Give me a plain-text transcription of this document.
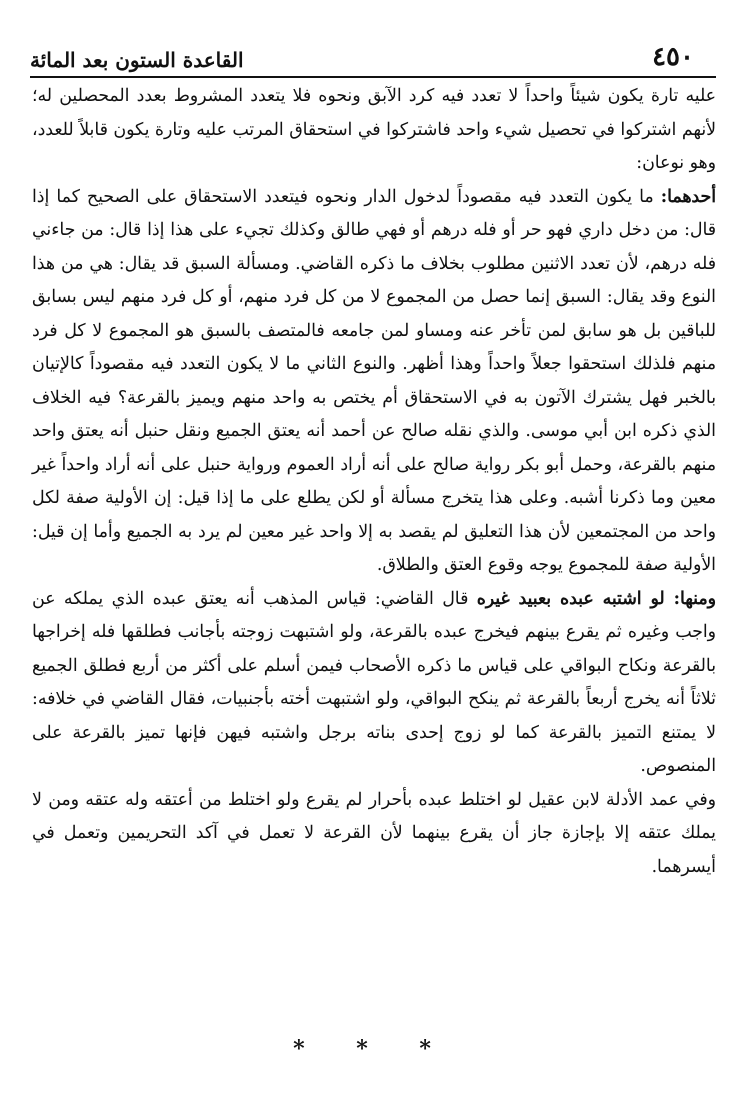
٤٥٠
القاعدة الستون بعد المائة

عليه تارة يكون شيئاً واحداً لا تعدد فيه كرد الآبق ونحوه فلا يتعدد المشروط بعدد المحصلين له؛ لأنهم اشتركوا في تحصيل شيء واحد فاشتركوا في استحقاق المرتب عليه وتارة يكون قابلاً للعدد، وهو نوعان:

أحدهما: ما يكون التعدد فيه مقصوداً لدخول الدار ونحوه فيتعدد الاستحقاق على الصحيح كما إذا قال: من دخل داري فهو حر أو فله درهم أو فهي طالق وكذلك تجيء على هذا إذا قال: من جاءني فله درهم، لأن تعدد الاثنين مطلوب بخلاف ما ذكره القاضي. ومسألة السبق قد يقال: هي من هذا النوع وقد يقال: السبق إنما حصل من المجموع لا من كل فرد منهم، أو كل فرد منهم ليس بسابق للباقين بل هو سابق لمن تأخر عنه ومساو لمن جامعه فالمتصف بالسبق هو المجموع لا كل فرد منهم فلذلك استحقوا جعلاً واحداً وهذا أظهر. والنوع الثاني ما لا يكون التعدد فيه مقصوداً كالإتيان بالخبر فهل يشترك الآتون به في الاستحقاق أم يختص به واحد منهم ويميز بالقرعة؟ فيه الخلاف الذي ذكره ابن أبي موسى. والذي نقله صالح عن أحمد أنه يعتق الجميع ونقل حنبل أنه يعتق واحد منهم بالقرعة، وحمل أبو بكر رواية صالح على أنه أراد العموم ورواية حنبل على أنه أراد واحداً غير معين وما ذكرنا أشبه. وعلى هذا يتخرج مسألة أو لكن يطلع على ما إذا قيل: إن الأولية صفة لكل واحد من المجتمعين لأن هذا التعليق لم يقصد به إلا واحد غير معين لم يرد به الجميع وأما إن قيل: الأولية صفة للمجموع يوجه وقوع العتق والطلاق.

ومنها: لو اشتبه عبده بعبيد غيره قال القاضي: قياس المذهب أنه يعتق عبده الذي يملكه عن واجب وغيره ثم يقرع بينهم فيخرج عبده بالقرعة، ولو اشتبهت زوجته بأجانب فطلقها فله إخراجها بالقرعة ونكاح البواقي على قياس ما ذكره الأصحاب فيمن أسلم على أكثر من أربع فطلق الجميع ثلاثاً أنه يخرج أربعاً بالقرعة ثم ينكح البواقي، ولو اشتبهت أخته بأجنبيات، فقال القاضي في خلافه: لا يمتنع التميز بالقرعة كما لو زوج إحدى بناته برجل واشتبه فيهن فإنها تميز بالقرعة على المنصوص.

وفي عمد الأدلة لابن عقيل لو اختلط عبده بأحرار لم يقرع ولو اختلط من أعتقه وله عتقه ومن لا يملك عتقه إلا بإجازة جاز أن يقرع بينهما لأن القرعة لا تعمل في آكد التحريمين وتعمل في أيسرهما.

* * *
